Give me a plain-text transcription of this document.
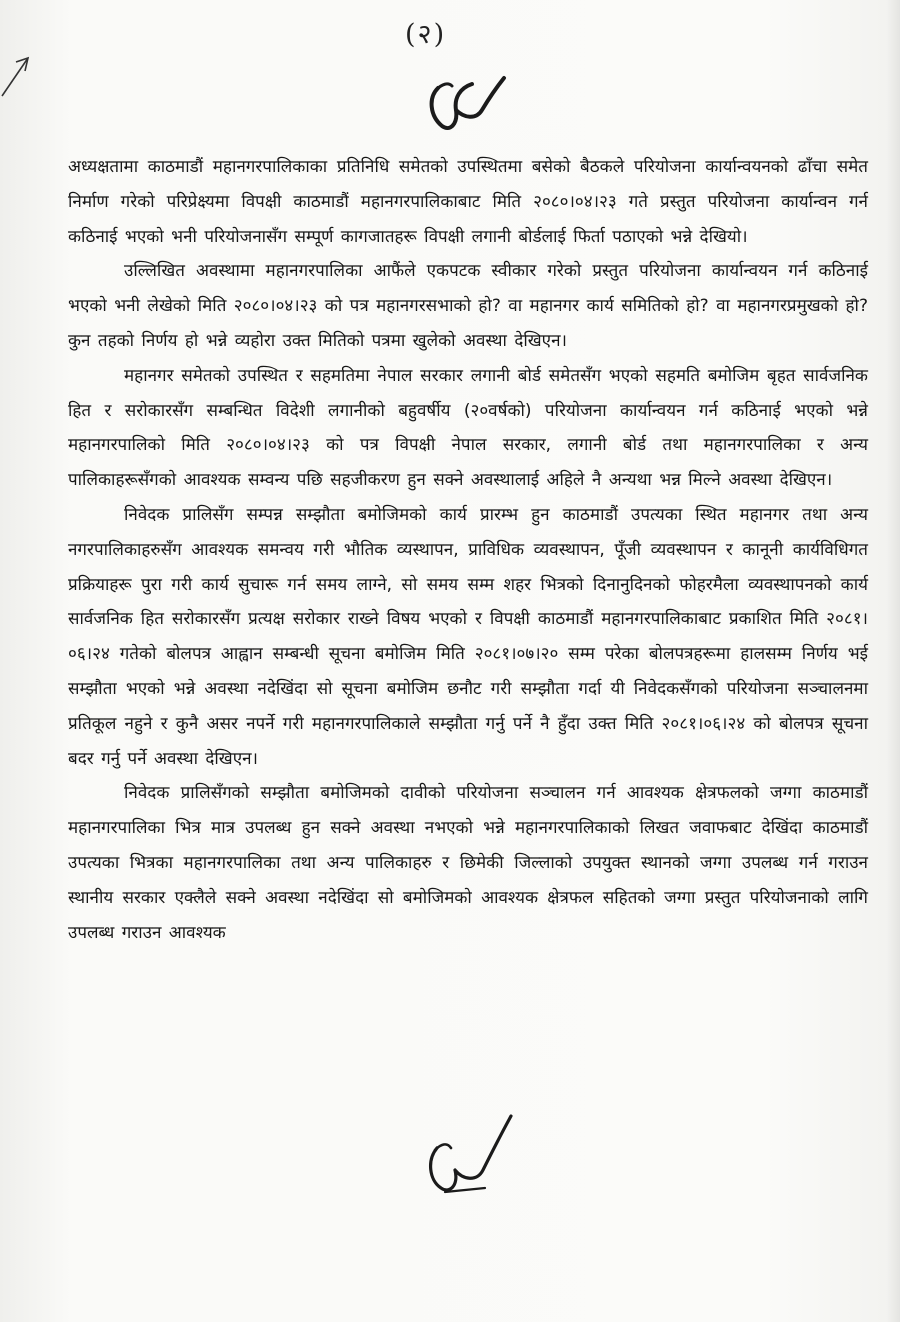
(२)

अध्यक्षतामा काठमाडौं महानगरपालिकाका प्रतिनिधि समेतको उपस्थितमा बसेको बैठकले परियोजना कार्यान्वयनको ढाँचा समेत निर्माण गरेको परिप्रेक्ष्यमा विपक्षी काठमाडौं महानगरपालिकाबाट मिति २०८०।०४।२३ गते प्रस्तुत परियोजना कार्यान्वन गर्न कठिनाई भएको भनी परियोजनासँग सम्पूर्ण कागजातहरू विपक्षी लगानी बोर्डलाई फिर्ता पठाएको भन्ने देखियो।

उल्लिखित अवस्थामा महानगरपालिका आफैंले एकपटक स्वीकार गरेको प्रस्तुत परियोजना कार्यान्वयन गर्न कठिनाई भएको भनी लेखेको मिति २०८०।०४।२३ को पत्र महानगरसभाको हो? वा महानगर कार्य समितिको हो? वा महानगरप्रमुखको हो? कुन तहको निर्णय हो भन्ने व्यहोरा उक्त मितिको पत्रमा खुलेको अवस्था देखिएन।

महानगर समेतको उपस्थित र सहमतिमा नेपाल सरकार लगानी बोर्ड समेतसँग भएको सहमति बमोजिम बृहत सार्वजनिक हित र सरोकारसँग सम्बन्धित विदेशी लगानीको बहुवर्षीय (२०वर्षको) परियोजना कार्यान्वयन गर्न कठिनाई भएको भन्ने महानगरपालिको मिति २०८०।०४।२३ को पत्र विपक्षी नेपाल सरकार, लगानी बोर्ड तथा महानगरपालिका र अन्य पालिकाहरूसँगको आवश्यक सम्वन्य पछि सहजीकरण हुन सक्ने अवस्थालाई अहिले नै अन्यथा भन्न मिल्ने अवस्था देखिएन।

निवेदक प्रालिसँग सम्पन्न सम्झौता बमोजिमको कार्य प्रारम्भ हुन काठमाडौं उपत्यका स्थित महानगर तथा अन्य नगरपालिकाहरुसँग आवश्यक समन्वय गरी भौतिक व्यस्थापन, प्राविधिक व्यवस्थापन, पूँजी व्यवस्थापन र कानूनी कार्यविधिगत प्रक्रियाहरू पुरा गरी कार्य सुचारू गर्न समय लाग्ने, सो समय सम्म शहर भित्रको दिनानुदिनको फोहरमैला व्यवस्थापनको कार्य सार्वजनिक हित सरोकारसँग प्रत्यक्ष सरोकार राख्ने विषय भएको र विपक्षी काठमाडौं महानगरपालिकाबाट प्रकाशित मिति २०८१।०६।२४ गतेको बोलपत्र आह्वान सम्बन्धी सूचना बमोजिम मिति २०८१।०७।२० सम्म परेका बोलपत्रहरूमा हालसम्म निर्णय भई सम्झौता भएको भन्ने अवस्था नदेखिंदा सो सूचना बमोजिम छनौट गरी सम्झौता गर्दा यी निवेदकसँगको परियोजना सञ्चालनमा प्रतिकूल नहुने र कुनै असर नपर्ने गरी महानगरपालिकाले सम्झौता गर्नु पर्ने नै हुँदा उक्त मिति २०८१।०६।२४ को बोलपत्र सूचना बदर गर्नु पर्ने अवस्था देखिएन।

निवेदक प्रालिसँगको सम्झौता बमोजिमको दावीको परियोजना सञ्चालन गर्न आवश्यक क्षेत्रफलको जग्गा काठमाडौं महानगरपालिका भित्र मात्र उपलब्ध हुन सक्ने अवस्था नभएको भन्ने महानगरपालिकाको लिखत जवाफबाट देखिंदा काठमाडौं उपत्यका भित्रका महानगरपालिका तथा अन्य पालिकाहरु र छिमेकी जिल्लाको उपयुक्त स्थानको जग्गा उपलब्ध गर्न गराउन स्थानीय सरकार एक्लैले सक्ने अवस्था नदेखिंदा सो बमोजिमको आवश्यक क्षेत्रफल सहितको जग्गा प्रस्तुत परियोजनाको लागि उपलब्ध गराउन आवश्यक
